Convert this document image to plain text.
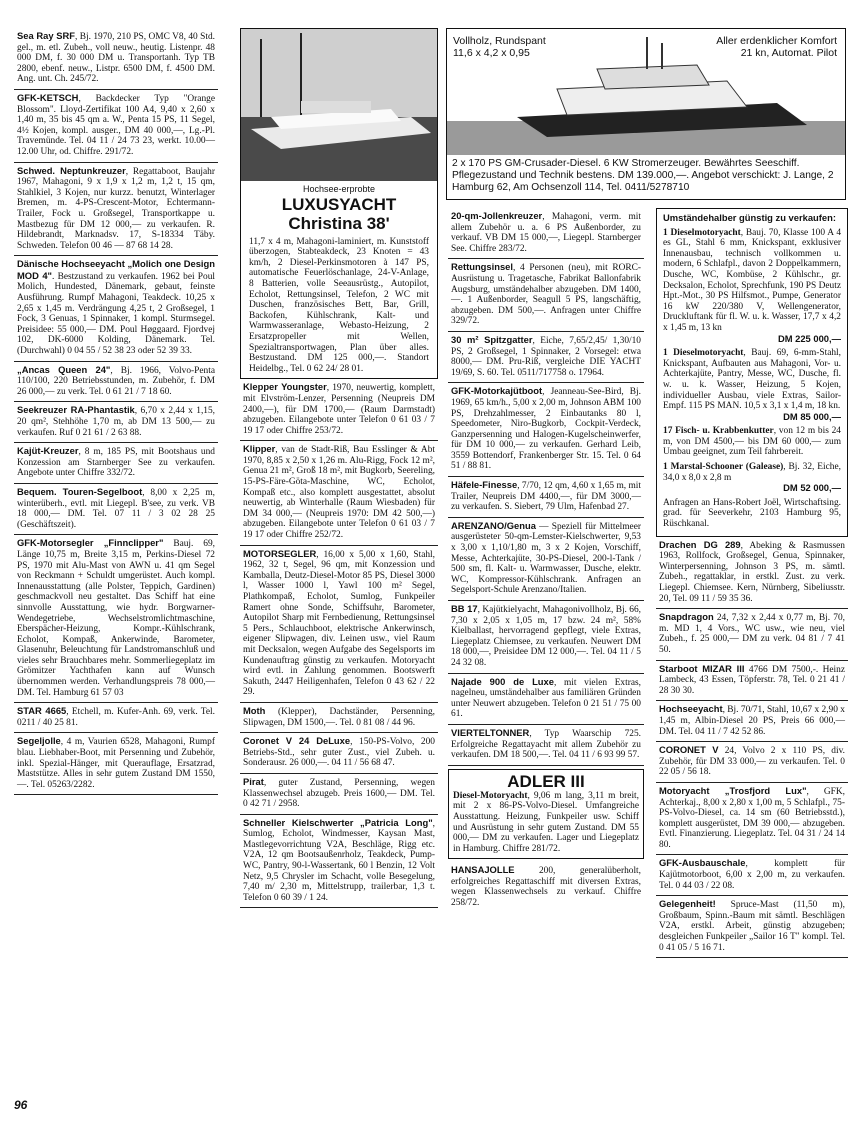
Sea Ray SRF, Bj. 1970, 210 PS, OMC V8, 40 Std. gel., m. etl. Zubeh., voll neuw., heutig. Listenpr. 48 000 DM, f. 30 000 DM u. Transportanh. Typ TB 2800, ebenf. neuw., Listpr. 6500 DM, f. 4500 DM. Ang. unt. Ch. 245/72.
GFK-KETSCH, Backdecker Typ "Orange Blossom". Lloyd-Zertifikat 100 A4, 9,40 x 2,60 x 1,40 m, 35 bis 45 qm a. W., Penta 15 PS, 11 Segel, 4½ Kojen, kompl. ausger., DM 40 000,—, Lg.-Pl. Travemünde. Tel. 04 11 / 24 73 23, werkt. 10.00—12.00 Uhr, od. Chiffre. 291/72.
Schwed. Neptunkreuzer, Regattaboot, Baujahr 1967, Mahagoni, 9 x 1,9 x 1,2 m, 1,2 t, 15 qm, Stahlkiel, 3 Kojen, nur kurzz. benutzt, Winterlager Bremen, m. 4-PS-Crescent-Motor, Echtermann-Trailer, Fock u. Großsegel, Transportkappe u. Mastbezug für DM 12 000,— zu verkaufen. R. Hildebrandt, Marknadsv. 17, S-18334 Täby. Schweden. Telefon 00 46 — 87 68 14 28.
Dänische Hochseeyacht „Molich one Design MOD 4". Bestzustand zu verkaufen. 1962 bei Poul Molich, Hundested, Dänemark, gebaut, feinste Ausführung. Rumpf Mahagoni, Teakdeck. 10,25 x 2,65 x 1,45 m. Verdrängung 4,25 t, 2 Großsegel, 1 Fock, 3 Genuas, 1 Spinnaker, 1 kompl. Sturmsegel. Preisidee: 55 000,— DM. Poul Høggaard. Fjordvej 102, DK-6000 Kolding, Dänemark. Tel. (Durchwahl) 0 04 55 / 52 38 23 oder 52 39 33.
„Ancas Queen 24", Bj. 1966, Volvo-Penta 110/100, 220 Betriebsstunden, m. Zubehör, f. DM 26 000,— zu verk. Tel. 0 61 21 / 7 18 60.
Seekreuzer RA-Phantastik, 6,70 x 2,44 x 1,15, 20 qm², Stehhöhe 1,70 m, ab DM 13 500,— zu verkaufen. Ruf 0 21 61 / 2 63 88.
Kajüt-Kreuzer, 8 m, 185 PS, mit Bootshaus und Konzession am Starnberger See zu verkaufen. Angebote unter Chiffre 332/72.
Bequem. Touren-Segelboot, 8,00 x 2,25 m, winterüberh., evtl. mit Liegepl. B'see, zu verk. VB 18 000,— DM. Tel. 07 11 / 3 02 28 25 (Geschäftszeit).
GFK-Motorsegler „Finnclipper" Bauj. 69, Länge 10,75 m, Breite 3,15 m, Perkins-Diesel 72 PS, 1970 mit Alu-Mast von AWN u. 41 qm Segel von Reckmann + Schuldt umgerüstet. Auch kompl. Innenausstattung (alle Polster, Teppich, Gardinen) geschmackvoll neu gestaltet. Das Schiff hat eine sinnvolle Ausstattung, wie hydr. Borgwarner-Wendegetriebe, Wechselstromlichtmaschine, Eberspächer-Heizung, Kompr.-Kühlschrank, Echolot, Kompaß, Ankerwinde, Barometer, Glasenuhr, Beleuchtung für Landstromanschluß und vieles sehr Brauchbares mehr. Sommerliegeplatz im Grömitzer Yachthafen kann auf Wunsch übernommen werden. Verhandlungspreis 78 000,— DM. Tel. Hamburg 61 57 03
STAR 4665, Etchell, m. Kufer-Anh. 69, verk. Tel. 0211 / 40 25 81.
Segeljolle, 4 m, Vaurien 6528, Mahagoni, Rumpf blau. Liebhaber-Boot, mit Persenning und Zubehör, inkl. Spezial-Hänger, mit Querauflage, Ersatzrad, Maststütze. Alles in sehr gutem Zustand DM 1550,—. Tel. 05263/2282.
Hochsee-erprobte
LUXUSYACHT
Christina 38'
11,7 x 4 m, Mahagoni-laminiert, m. Kunststoff überzogen, Stabteakdeck, 23 Knoten = 43 km/h, 2 Diesel-Perkinsmotoren à 147 PS, automatische Feuerlöschanlage, 24-V-Anlage, 8 Batterien, volle Seeausrüstg., Autopilot, Echolot, Rettungsinsel, Telefon, 2 WC mit Duschen, französisches Bett, Bar, Grill, Backofen, Kühlschrank, Kalt- und Warmwasseranlage, Webasto-Heizung, 2 Ersatzpropeller mit Wellen, Spezialtransportwagen, Plan über alles. Bestzustand. DM 125 000,—. Standort Heidelbg., Tel. 0 62 24/ 28 01.
Klepper Youngster, 1970, neuwertig, komplett, mit Elvström-Lenzer, Persenning (Neupreis DM 2400,—), für DM 1700,— (Raum Darmstadt) abzugeben. Eilangebote unter Telefon 0 61 03 / 7 19 17 oder Chiffre 253/72.
Klipper, van de Stadt-Riß, Bau Esslinger & Abt 1970, 8,85 x 2,50 x 1,26 m. Alu-Rigg, Fock 12 m², Genua 21 m², Groß 18 m², mit Bugkorb, Seereling, 15-PS-Färe-Göta-Maschine, WC, Echolot, Kompaß etc., also komplett ausgestattet, absolut neuwertig, ab Winterhalle (Raum Wiesbaden) für DM 34 000,— (Neupreis 1970: DM 42 500,—) abzugeben. Eilangebote unter Telefon 0 61 03 / 7 19 17 oder Chiffre 252/72.
MOTORSEGLER, 16,00 x 5,00 x 1,60, Stahl, 1962, 32 t, Segel, 96 qm, mit Konzession und Kamballa, Deutz-Diesel-Motor 85 PS, Diesel 3000 l, Wasser 1000 l, Yawl 100 m² Segel, Plathkompaß, Echolot, Sumlog, Funkpeiler Ramert ohne Sonde, Schiffsuhr, Barometer, Autopilot Sharp mit Fernbedienung, Rettungsinsel 5 Pers., Schlauchboot, elektrische Ankerwinsch, eigener Slipwagen, div. Leinen usw., viel Raum mit Decksalon, wegen Aufgabe des Segelsports im Kundenauftrag günstig zu verkaufen. Motoryacht wird evtl. in Zahlung genommen. Bootswerft Sakuth, 2447 Heiligenhafen, Telefon 0 43 62 / 22 29.
Moth (Klepper), Dachständer, Persenning, Slipwagen, DM 1500,—. Tel. 0 81 08 / 44 96.
Coronet V 24 DeLuxe, 150-PS-Volvo, 200 Betriebs-Std., sehr guter Zust., viel Zubeh. u. Sonderausr. 26 000,—. 04 11 / 56 68 47.
Pirat, guter Zustand, Persenning, wegen Klassenwechsel abzugeb. Preis 1600,— DM. Tel. 0 42 71 / 2958.
Schneller Kielschwerter „Patricia Long", Sumlog, Echolot, Windmesser, Kaysan Mast, Mastlegevorrichtung V2A, Beschläge, Rigg etc. V2A, 12 qm Bootsaußenrholz, Teakdeck, Pump-WC, Pantry, 90-l-Wassertank, 60 l Benzin, 12 Volt Netz, 9,5 Chrysler im Schacht, volle Besegelung, 7,40 m/ 2,30 m, Mittelstrupp, trailerbar, 1,3 t. Telefon 0 60 39 / 1 24.
Vollholz, Rundspant
11,6 x 4,2 x 0,95
Aller erdenklicher Komfort
21 kn, Automat. Pilot
2 x 170 PS GM-Crusader-Diesel. 6 KW Stromerzeuger. Bewährtes Seeschiff. Pflegezustand und Technik bestens. DM 139.000,—. Angebot verschickt: J. Lange, 2 Hamburg 62, Am Ochsenzoll 114, Tel. 0411/5278710
20-qm-Jollenkreuzer, Mahagoni, verm. mit allem Zubehör u. a. 6 PS Außenborder, zu verkauf. VB DM 15 000,—, Liegepl. Starnberger See. Chiffre 283/72.
Rettungsinsel, 4 Personen (neu), mit RORC-Ausrüstung u. Tragetasche, Fabrikat Ballonfabrik Augsburg, umständehalber abzugeben. DM 1400,—. 1 Außenborder, Seagull 5 PS, langschäftig, abzugeben. DM 500,—. Anfragen unter Chiffre 329/72.
30 m² Spitzgatter, Eiche, 7,65/2,45/ 1,30/10 PS, 2 Großsegel, 1 Spinnaker, 2 Vorsegel: etwa 8000,— DM. Pru-Riß, vergleiche DIE YACHT 19/69, S. 60. Tel. 0511/717758 o. 17964.
GFK-Motorkajütboot, Jeanneau-See-Bird, Bj. 1969, 65 km/h., 5,00 x 2,00 m, Johnson ABM 100 PS, Drehzahlmesser, 2 Einbautanks 80 l, Speedometer, Niro-Bugkorb, Cockpit-Verdeck, Ganzpersenning und Halogen-Kugelscheinwerfer, für DM 10 000,— zu verkaufen. Gerhard Leib, 3559 Bottendorf, Frankenberger Str. 15. Tel. 0 64 51 / 88 81.
Häfele-Finesse, 7/70, 12 qm, 4,60 x 1,65 m, mit Trailer, Neupreis DM 4400,—, für DM 3000,— zu verkaufen. S. Siebert, 79 Ulm, Hafenbad 27.
ARENZANO/Genua — Speziell für Mittelmeer ausgerüsteter 50-qm-Lemster-Kielschwerter, 9,53 x 3,00 x 1,10/1,80 m, 3 x 2 Kojen, Vorschiff, Messe, Achterkajüte, 30-PS-Diesel, 200-l-Tank / 500 sm, fl. Kalt- u. Warmwasser, Dusche, elektr. WC, Kompressor-Kühlschrank. Anfragen an Segelsport-Schule Arenzano/Italien.
BB 17, Kajütkielyacht, Mahagonivollholz, Bj. 66, 7,30 x 2,05 x 1,05 m, 17 bzw. 24 m², 58% Kielballast, hervorragend gepflegt, viele Extras, Liegeplatz Chiemsee, zu verkaufen. Neuwert DM 18 000,—, Preisidee DM 12 000,—. Tel. 04 11 / 5 24 32 08.
Najade 900 de Luxe, mit vielen Extras, nagelneu, umständehalber aus familiären Gründen unter Neuwert abzugeben. Telefon 0 21 51 / 75 00 61.
VIERTELTONNER, Typ Waarschip 725. Erfolgreiche Regattayacht mit allem Zubehör zu verkaufen. DM 18 500,—. Tel. 04 11 / 6 93 99 57.
ADLER III
Diesel-Motoryacht, 9,06 m lang, 3,11 m breit, mit 2 x 86-PS-Volvo-Diesel. Umfangreiche Ausstattung. Heizung, Funkpeiler usw. Schiff und Ausrüstung in sehr gutem Zustand. DM 55 000,— DM zu verkaufen. Lager und Liegeplatz in Hamburg. Chiffre 281/72.
HANSAJOLLE 200, generalüberholt, erfolgreiches Regattaschiff mit diversen Extras, wegen Klassenwechsels zu verkauf. Chiffre 258/72.
Umständehalber günstig zu verkaufen:
1 Dieselmotoryacht, Bauj. 70, Klasse 100 A 4 es GL, Stahl 6 mm, Knickspant, exklusiver Innenausbau, technisch vollkommen u. modern, 6 Schlafpl., davon 2 Doppelkammern, Dusche, WC, Kombüse, 2 Kühlschr., gr. Decksalon, Echolot, Sprechfunk, 190 PS Deutz Hpt.-Mot., 30 PS Hilfsmot., Pumpe, Generator 16 kW 220/380 V, Wellengenerator, Druckluftank für fl. W. u. k. Wasser, 17,7 x 4,2 x 1,45 m, 13 kn
DM 225 000,—
1 Dieselmotoryacht, Bauj. 69, 6-mm-Stahl, Knickspant, Aufbauten aus Mahagoni, Vor- u. Achterkajüte, Pantry, Messe, WC, Dusche, fl. w. u. k. Wasser, Heizung, 5 Kojen, individueller Ausbau, viele Extras, Sailor-Empf. 115 PS MAN. 10,5 x 3,1 x 1,4 m, 18 kn.
DM 85 000,—
17 Fisch- u. Krabbenkutter, von 12 m bis 24 m, von DM 4500,— bis DM 60 000,— zum Umbau geeignet, zum Teil fahrbereit.
1 Marstal-Schooner (Galease), Bj. 32, Eiche, 34,0 x 8,0 x 2,8 m
DM 52 000,—
Anfragen an Hans-Robert Joël, Wirtschaftsing. grad. für Seeverkehr, 2103 Hamburg 95, Rüschkanal.
Drachen DG 289, Abeking & Rasmussen 1963, Rollfock, Großsegel, Genua, Spinnaker, Winterpersenning, Johnson 3 PS, m. sämtl. Zubeh., regattaklar, in erstkl. Zust. zu verk. Liegepl. Chiemsee. Kern, Nürnberg, Sibeliusstr. 20, Tel. 09 11 / 59 35 36.
Snapdragon 24, 7,32 x 2,44 x 0,77 m, Bj. 70, m. MD 1, 4 Vors., WC usw., wie neu, viel Zubeh., f. 25 000,— DM zu verk. 04 81 / 7 41 50.
Starboot MIZAR III 4766 DM 7500,-. Heinz Lambeck, 43 Essen, Töpferstr. 78, Tel. 0 21 41 / 28 30 30.
Hochseeyacht, Bj. 70/71, Stahl, 10,67 x 2,90 x 1,45 m, Albin-Diesel 20 PS, Preis 66 000,— DM. Tel. 04 11 / 7 42 52 86.
CORONET V 24, Volvo 2 x 110 PS, div. Zubehör, für DM 33 000,— zu verkaufen. Tel. 0 22 05 / 56 18.
Motoryacht „Trosfjord Lux", GFK, Achterkaj., 8,00 x 2,80 x 1,00 m, 5 Schlafpl., 75-PS-Volvo-Diesel, ca. 14 sm (60 Betriebsstd.), komplett ausgerüstet, DM 39 000,— abzugeben. Evtl. Finanzierung. Liegeplatz. Tel. 04 31 / 24 14 80.
GFK-Ausbauschale, komplett für Kajütmotorboot, 6,00 x 2,00 m, zu verkaufen. Tel. 0 44 03 / 22 08.
Gelegenheit! Spruce-Mast (11,50 m), Großbaum, Spinn.-Baum mit sämtl. Beschlägen V2A, erstkl. Arbeit, günstig abzugeben; desgleichen Funkpeiler „Sailor 16 T" kompl. Tel. 0 41 05 / 5 16 71.
96
